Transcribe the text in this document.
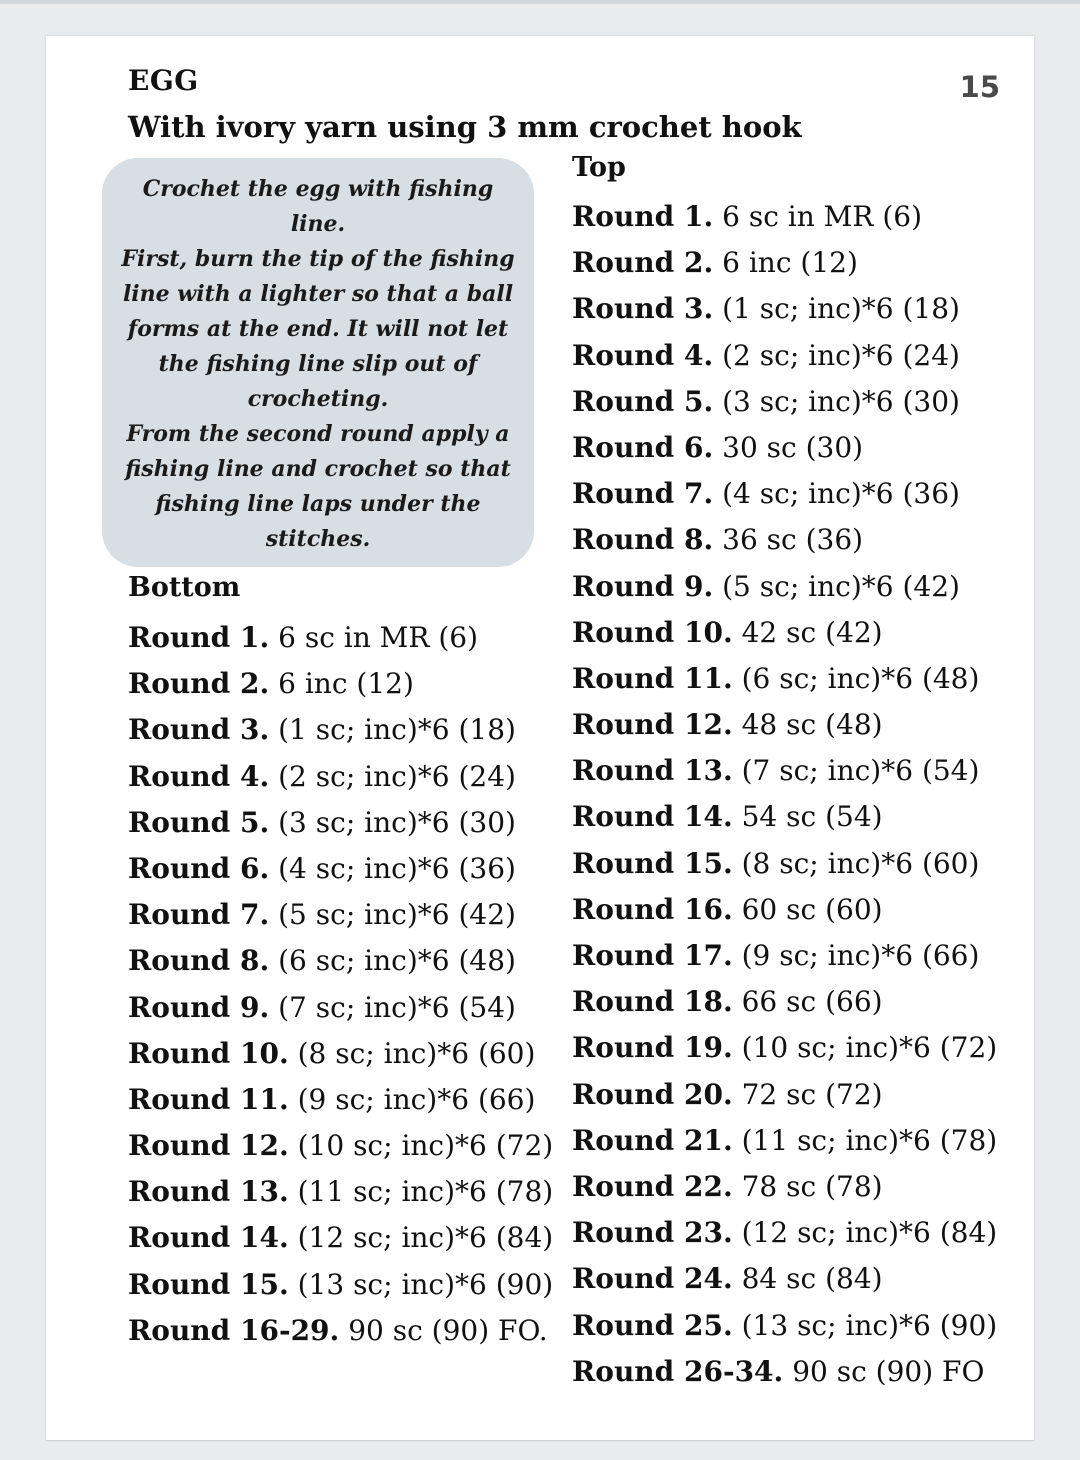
15
EGG
With ivory yarn using 3 mm crochet hook

Crochet the egg with fishing line.

First, burn the tip of the fishing line with a lighter so that a ball forms at the end. It will not let the fishing line slip out of crocheting.

From the second round apply a fishing line and crochet so that fishing line laps under the stitches.

Bottom
Round 1. 6 sc in MR (6)
Round 2. 6 inc (12)
Round 3. (1 sc; inc)*6 (18)
Round 4. (2 sc; inc)*6 (24)
Round 5. (3 sc; inc)*6 (30)
Round 6. (4 sc; inc)*6 (36)
Round 7. (5 sc; inc)*6 (42)
Round 8. (6 sc; inc)*6 (48)
Round 9. (7 sc; inc)*6 (54)
Round 10. (8 sc; inc)*6 (60)
Round 11. (9 sc; inc)*6 (66)
Round 12. (10 sc; inc)*6 (72)
Round 13. (11 sc; inc)*6 (78)
Round 14. (12 sc; inc)*6 (84)
Round 15. (13 sc; inc)*6 (90)
Round 16-29. 90 sc (90) FO.
Top
Round 1. 6 sc in MR (6)
Round 2. 6 inc (12)
Round 3. (1 sc; inc)*6 (18)
Round 4. (2 sc; inc)*6 (24)
Round 5. (3 sc; inc)*6 (30)
Round 6. 30 sc (30)
Round 7. (4 sc; inc)*6 (36)
Round 8. 36 sc (36)
Round 9. (5 sc; inc)*6 (42)
Round 10. 42 sc (42)
Round 11. (6 sc; inc)*6 (48)
Round 12. 48 sc (48)
Round 13. (7 sc; inc)*6 (54)
Round 14. 54 sc (54)
Round 15. (8 sc; inc)*6 (60)
Round 16. 60 sc (60)
Round 17. (9 sc; inc)*6 (66)
Round 18. 66 sc (66)
Round 19. (10 sc; inc)*6 (72)
Round 20. 72 sc (72)
Round 21. (11 sc; inc)*6 (78)
Round 22. 78 sc (78)
Round 23. (12 sc; inc)*6 (84)
Round 24. 84 sc (84)
Round 25. (13 sc; inc)*6 (90)
Round 26-34. 90 sc (90) FO
